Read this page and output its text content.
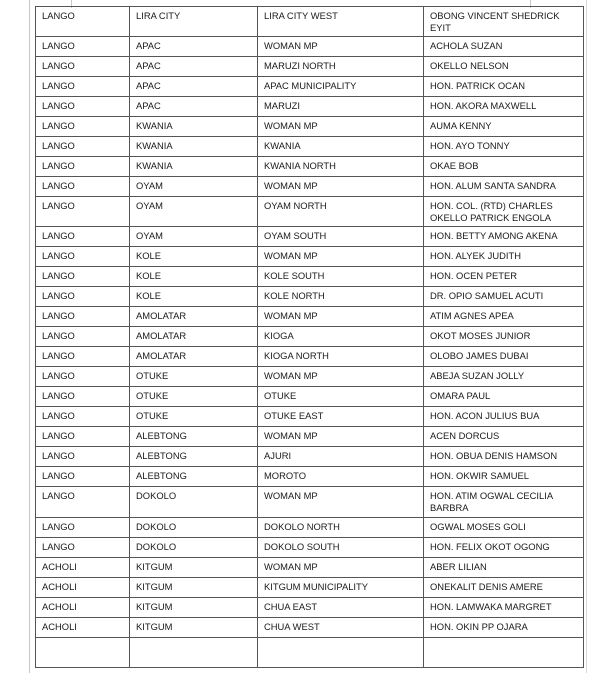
LANGO	LIRA CITY	LIRA CITY WEST	OBONG VINCENT SHEDRICK EYIT
LANGO	APAC	WOMAN MP	ACHOLA SUZAN
LANGO	APAC	MARUZI NORTH	OKELLO NELSON
LANGO	APAC	APAC MUNICIPALITY	HON. PATRICK OCAN
LANGO	APAC	MARUZI	HON. AKORA MAXWELL
LANGO	KWANIA	WOMAN MP	AUMA KENNY
LANGO	KWANIA	KWANIA	HON. AYO TONNY
LANGO	KWANIA	KWANIA NORTH	OKAE BOB
LANGO	OYAM	WOMAN MP	HON. ALUM SANTA SANDRA
LANGO	OYAM	OYAM NORTH	HON. COL. (RTD) CHARLES OKELLO PATRICK ENGOLA
LANGO	OYAM	OYAM SOUTH	HON. BETTY AMONG AKENA
LANGO	KOLE	WOMAN MP	HON. ALYEK JUDITH
LANGO	KOLE	KOLE SOUTH	HON. OCEN PETER
LANGO	KOLE	KOLE NORTH	DR. OPIO SAMUEL ACUTI
LANGO	AMOLATAR	WOMAN MP	ATIM AGNES APEA
LANGO	AMOLATAR	KIOGA	OKOT MOSES JUNIOR
LANGO	AMOLATAR	KIOGA NORTH	OLOBO JAMES DUBAI
LANGO	OTUKE	WOMAN MP	ABEJA SUZAN JOLLY
LANGO	OTUKE	OTUKE	OMARA PAUL
LANGO	OTUKE	OTUKE EAST	HON. ACON JULIUS BUA
LANGO	ALEBTONG	WOMAN MP	ACEN DORCUS
LANGO	ALEBTONG	AJURI	HON. OBUA DENIS HAMSON
LANGO	ALEBTONG	MOROTO	HON. OKWIR SAMUEL
LANGO	DOKOLO	WOMAN MP	HON. ATIM OGWAL CECILIA BARBRA
LANGO	DOKOLO	DOKOLO NORTH	OGWAL MOSES GOLI
LANGO	DOKOLO	DOKOLO SOUTH	HON. FELIX OKOT OGONG
ACHOLI	KITGUM	WOMAN MP	ABER LILIAN
ACHOLI	KITGUM	KITGUM MUNICIPALITY	ONEKALIT DENIS AMERE
ACHOLI	KITGUM	CHUA EAST	HON. LAMWAKA MARGRET
ACHOLI	KITGUM	CHUA WEST	HON. OKIN PP OJARA
